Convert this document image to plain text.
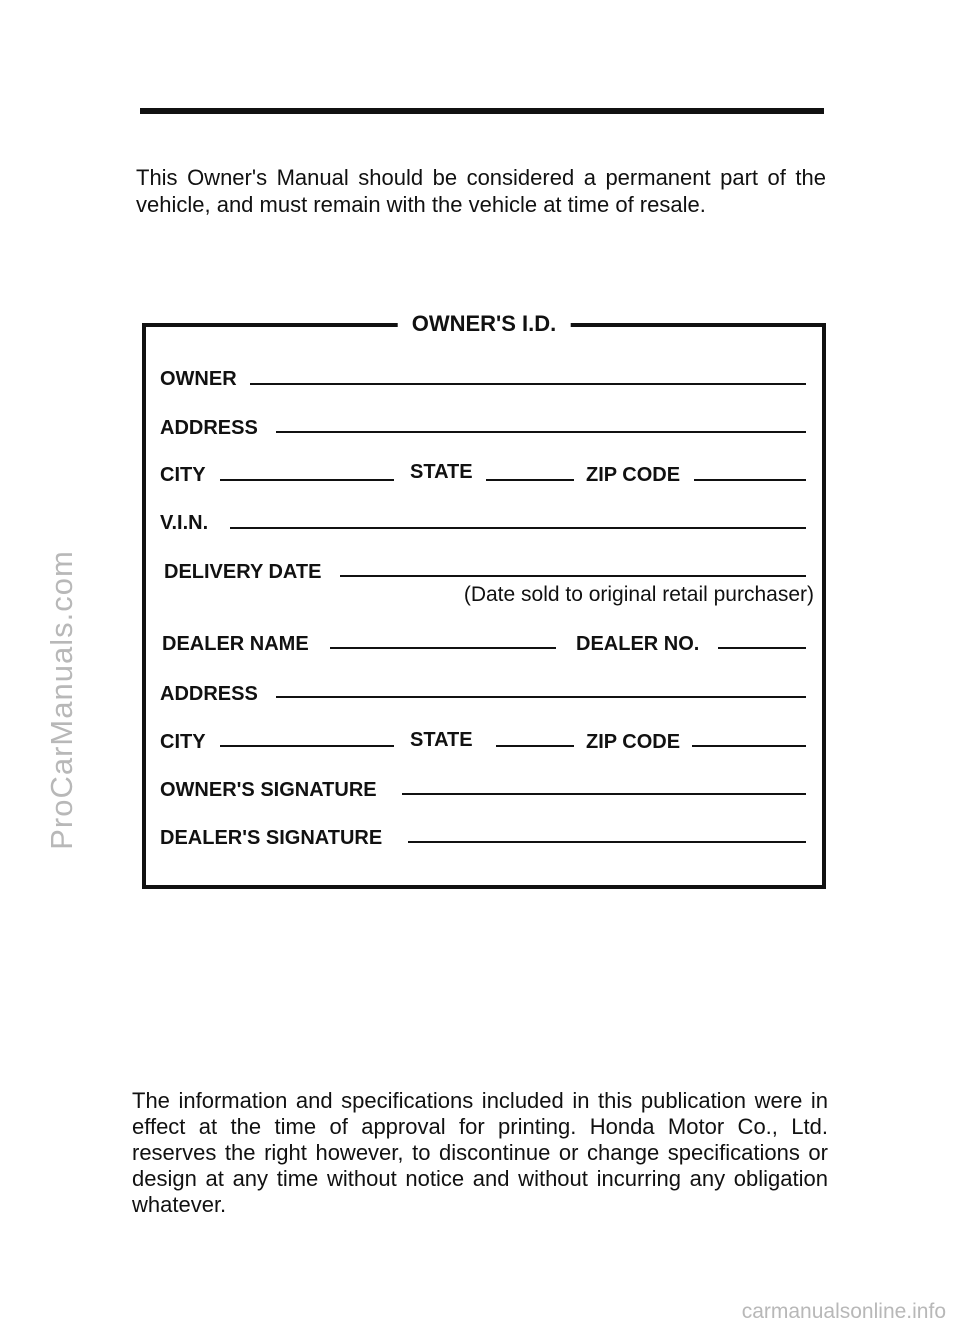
This Owner's Manual should be considered a permanent part of the vehicle, and must remain with the vehicle at time of resale.

OWNER'S I.D.
OWNER
ADDRESS
CITY	STATE	ZIP CODE
V.I.N.
DELIVERY DATE
(Date sold to original retail purchaser)
DEALER NAME	DEALER NO.
ADDRESS
CITY	STATE	ZIP CODE
OWNER'S SIGNATURE
DEALER'S SIGNATURE

The information and specifications included in this publication were in effect at the time of approval for printing. Honda Motor Co., Ltd. reserves the right however, to discontinue or change specifications or design at any time without notice and without incurring any obligation whatever.

ProCarManuals.com
carmanualsonline.info
